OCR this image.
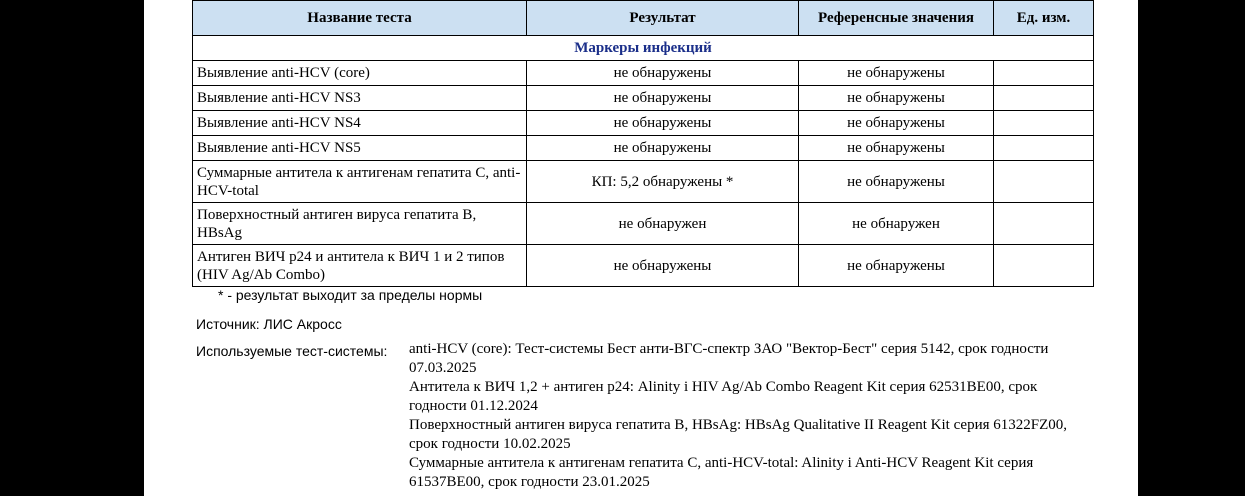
Название теста	Результат	Референсные значения	Ед. изм.
Маркеры инфекций			
Выявление anti-HCV (core)	не обнаружены	не обнаружены	
Выявление anti-HCV NS3	не обнаружены	не обнаружены	
Выявление anti-HCV NS4	не обнаружены	не обнаружены	
Выявление anti-HCV NS5	не обнаружены	не обнаружены	
Суммарные антитела к антигенам гепатита С, anti-HCV-total	КП: 5,2 обнаружены *	не обнаружены	
Поверхностный антиген вируса гепатита В, HBsAg	не обнаружен	не обнаружен	
Антиген ВИЧ р24 и антитела к ВИЧ 1 и 2 типов (HIV Ag/Ab Combo)	не обнаружены	не обнаружены	
* - результат выходит за пределы нормы
Источник: ЛИС Акросс
Используемые тест-системы: anti-HCV (core): Тест-системы Бест анти-ВГС-спектр ЗАО "Вектор-Бест" серия 5142, срок годности 07.03.2025

Антитела к ВИЧ 1,2 + антиген р24: Alinity i HIV Ag/Ab Combo Reagent Kit серия 62531BE00, срок годности 01.12.2024

Поверхностный антиген вируса гепатита В, HBsAg: HBsAg Qualitative II Reagent Kit серия 61322FZ00, срок годности 10.02.2025

Суммарные антитела к антигенам гепатита С, anti-HCV-total: Alinity i Anti-HCV Reagent Kit серия 61537BE00, срок годности 23.01.2025
